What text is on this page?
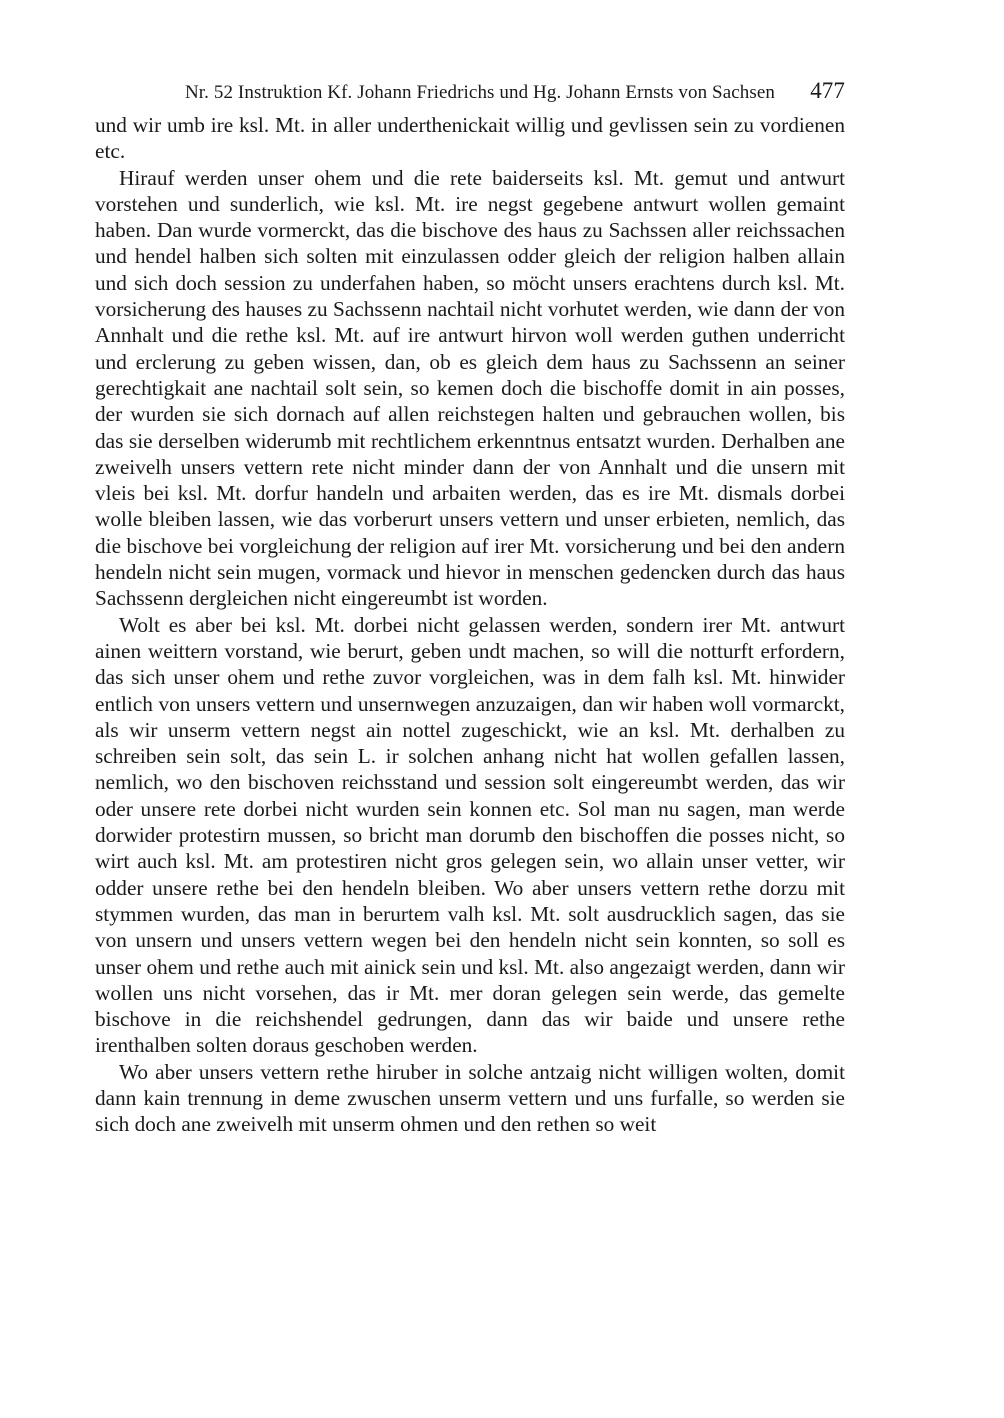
Nr. 52 Instruktion Kf. Johann Friedrichs und Hg. Johann Ernsts von Sachsen 477

und wir umb ire ksl. Mt. in aller underthenickait willig und gevlissen sein zu vordienen etc.

Hirauf werden unser ohem und die rete baiderseits ksl. Mt. gemut und antwurt vorstehen und sunderlich, wie ksl. Mt. ire negst gegebene antwurt wollen gemaint haben. Dan wurde vormerckt, das die bischove des haus zu Sachssen aller reichssachen und hendel halben sich solten mit einzulassen odder gleich der religion halben allain und sich doch session zu underfahen haben, so möcht unsers erachtens durch ksl. Mt. vorsicherung des hauses zu Sachssenn nachtail nicht vorhutet werden, wie dann der von Annhalt und die rethe ksl. Mt. auf ire antwurt hirvon woll werden guthen underricht und erclerung zu geben wissen, dan, ob es gleich dem haus zu Sachssenn an seiner gerechtigkait ane nachtail solt sein, so kemen doch die bischoffe domit in ain posses, der wurden sie sich dornach auf allen reichstegen halten und gebrauchen wollen, bis das sie derselben widerumb mit rechtlichem erkenntnus entsatzt wurden. Derhalben ane zweivelh unsers vettern rete nicht minder dann der von Annhalt und die unsern mit vleis bei ksl. Mt. dorfur handeln und arbaiten werden, das es ire Mt. dismals dorbei wolle bleiben lassen, wie das vorberurt unsers vettern und unser erbieten, nemlich, das die bischove bei vorgleichung der religion auf irer Mt. vorsicherung und bei den andern hendeln nicht sein mugen, vormack und hievor in menschen gedencken durch das haus Sachssenn dergleichen nicht eingereumbt ist worden.

Wolt es aber bei ksl. Mt. dorbei nicht gelassen werden, sondern irer Mt. antwurt ainen weittern vorstand, wie berurt, geben undt machen, so will die notturft erfordern, das sich unser ohem und rethe zuvor vorgleichen, was in dem falh ksl. Mt. hinwider entlich von unsers vettern und unsernwegen anzuzaigen, dan wir haben woll vormarckt, als wir unserm vettern negst ain nottel zugeschickt, wie an ksl. Mt. derhalben zu schreiben sein solt, das sein L. ir solchen anhang nicht hat wollen gefallen lassen, nemlich, wo den bischoven reichsstand und session solt eingereumbt werden, das wir oder unsere rete dorbei nicht wurden sein konnen etc. Sol man nu sagen, man werde dorwider protestirn mussen, so bricht man dorumb den bischoffen die posses nicht, so wirt auch ksl. Mt. am protestiren nicht gros gelegen sein, wo allain unser vetter, wir odder unsere rethe bei den hendeln bleiben. Wo aber unsers vettern rethe dorzu mit stymmen wurden, das man in berurtem valh ksl. Mt. solt ausdrucklich sagen, das sie von unsern und unsers vettern wegen bei den hendeln nicht sein konnten, so soll es unser ohem und rethe auch mit ainick sein und ksl. Mt. also angezaigt werden, dann wir wollen uns nicht vorsehen, das ir Mt. mer doran gelegen sein werde, das gemelte bischove in die reichshendel gedrungen, dann das wir baide und unsere rethe irenthalben solten doraus geschoben werden.

Wo aber unsers vettern rethe hiruber in solche antzaig nicht willigen wolten, domit dann kain trennung in deme zwuschen unserm vettern und uns furfalle, so werden sie sich doch ane zweivelh mit unserm ohmen und den rethen so weit
